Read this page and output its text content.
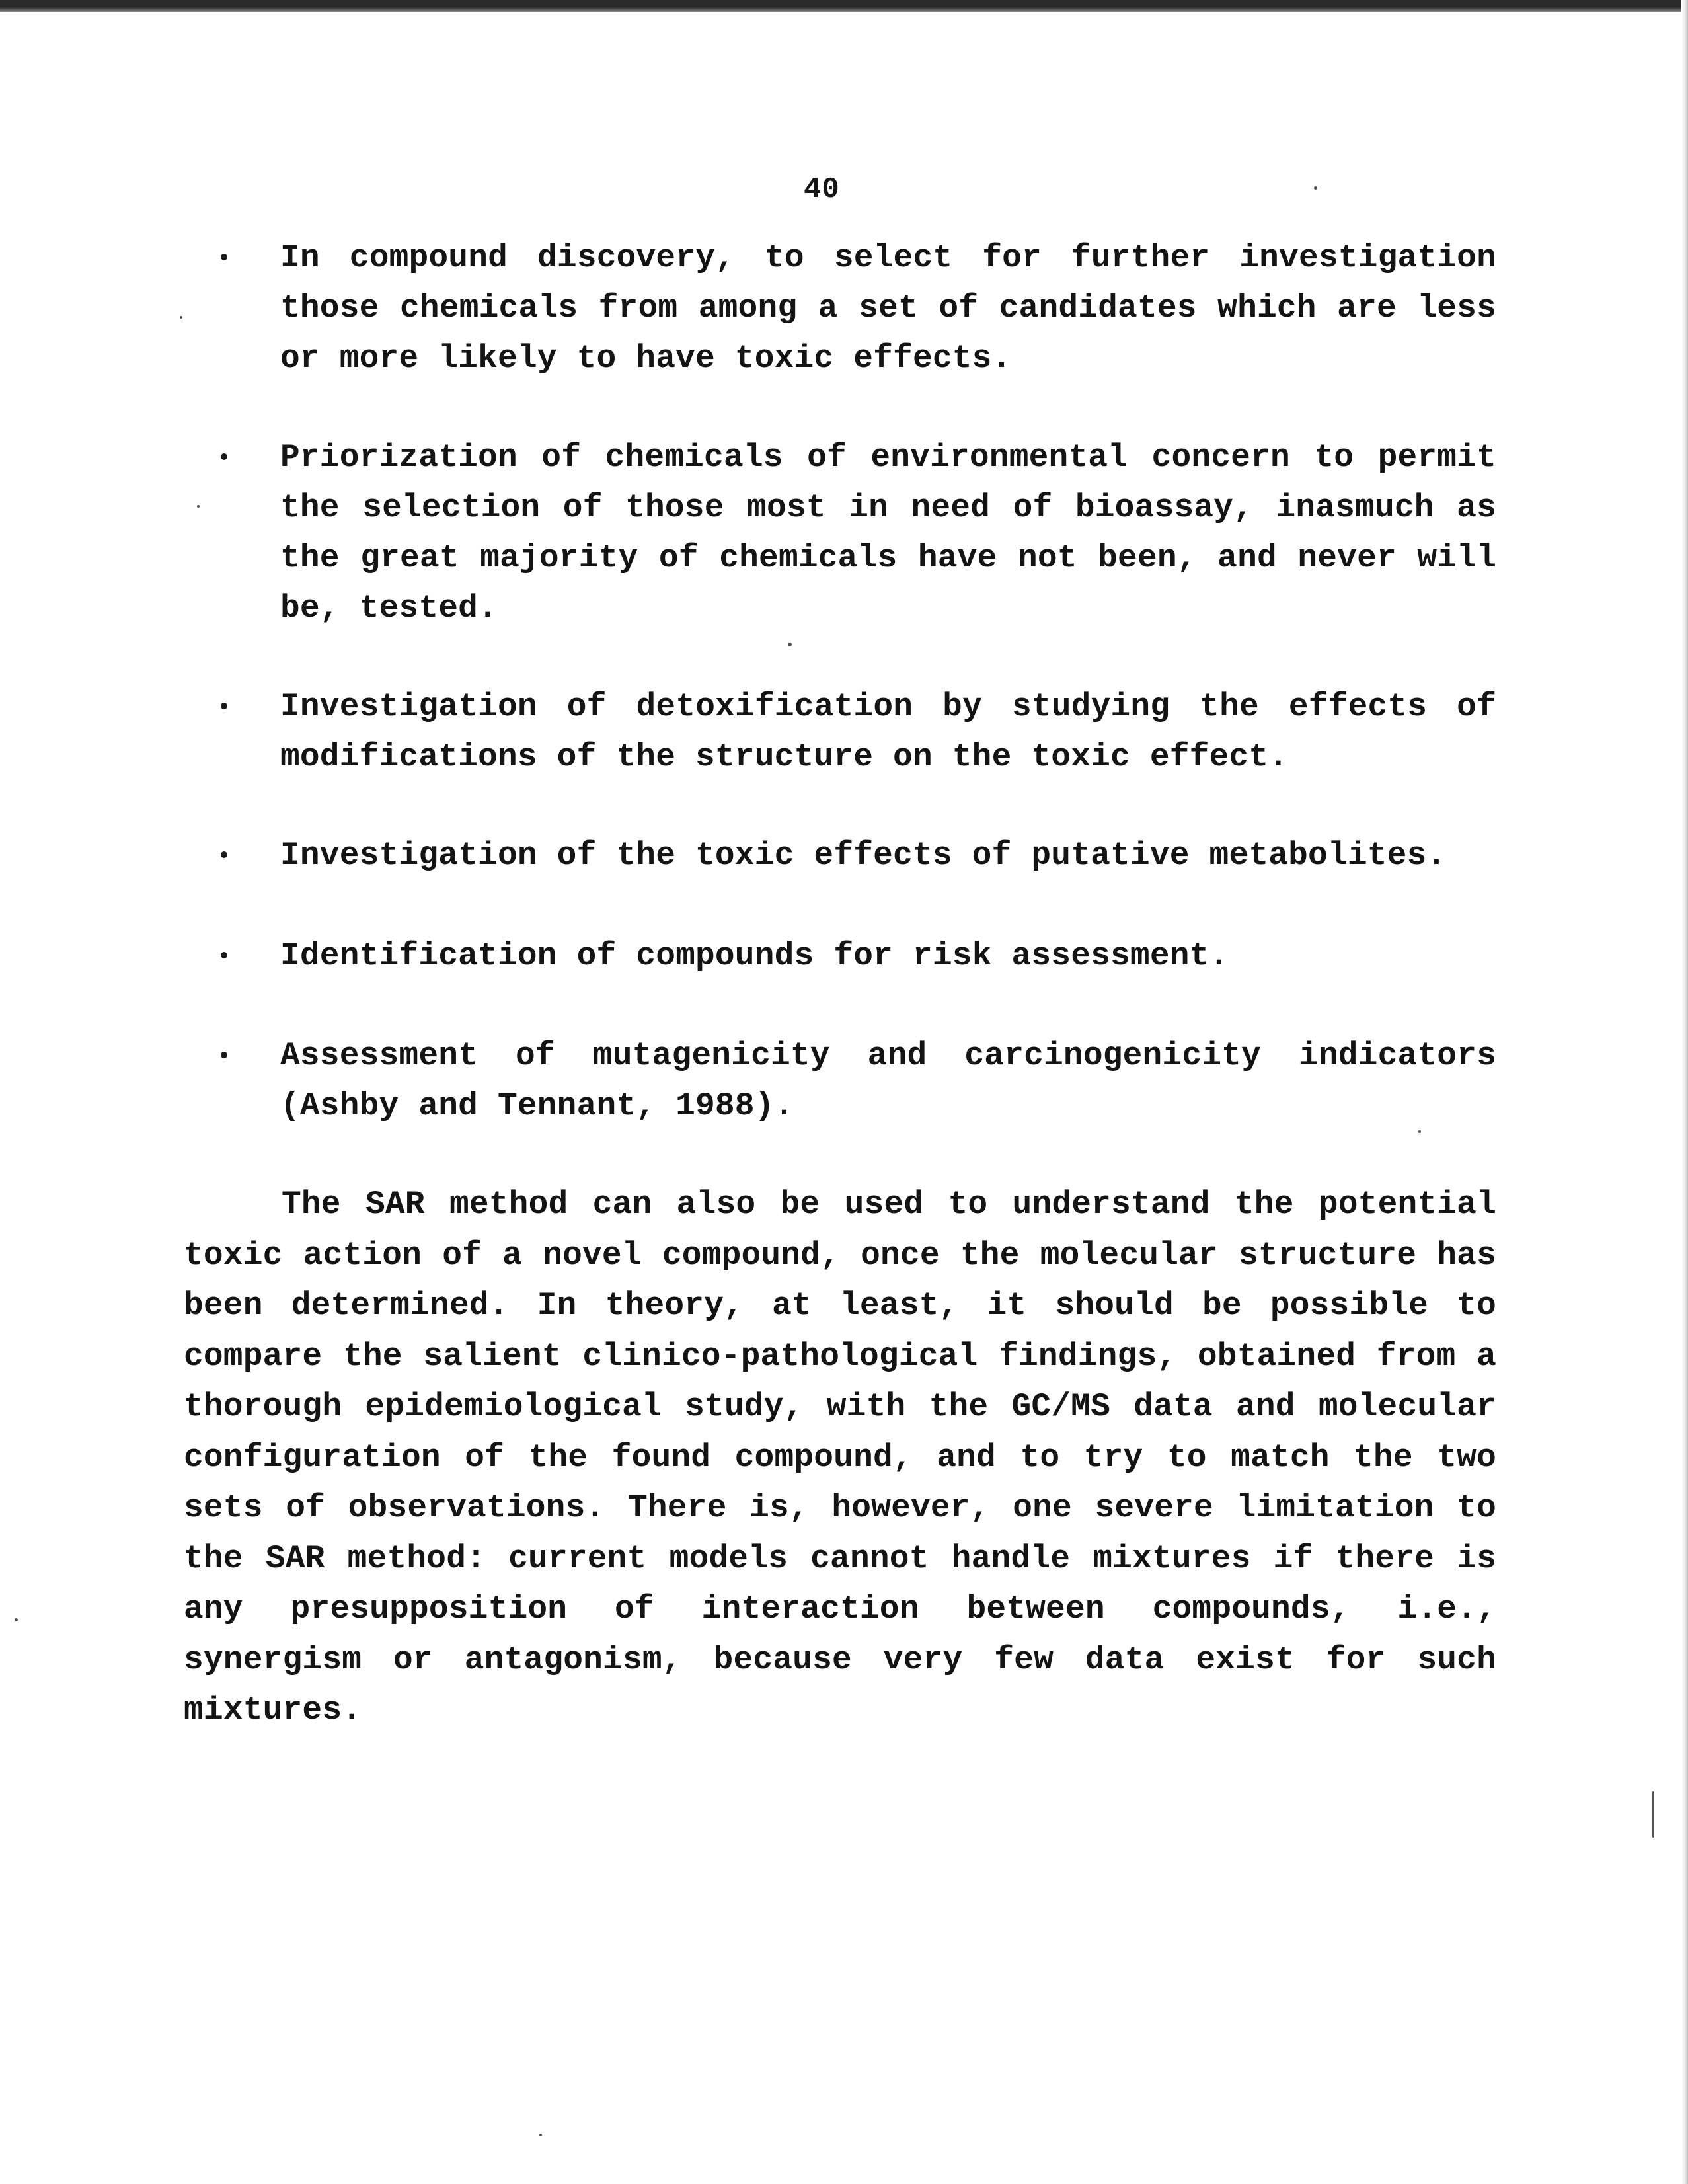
40
In compound discovery, to select for further investigation those chemicals from among a set of candidates which are less or more likely to have toxic effects.
Priorization of chemicals of environmental concern to permit the selection of those most in need of bioassay, inasmuch as the great majority of chemicals have not been, and never will be, tested.
Investigation of detoxification by studying the effects of modifications of the structure on the toxic effect.
Investigation of the toxic effects of putative metabolites.
Identification of compounds for risk assessment.
Assessment of mutagenicity and carcinogenicity indicators (Ashby and Tennant, 1988).
The SAR method can also be used to understand the potential toxic action of a novel compound, once the molecular structure has been determined. In theory, at least, it should be possible to compare the salient clinico-pathological findings, obtained from a thorough epidemiological study, with the GC/MS data and molecular configuration of the found compound, and to try to match the two sets of observations. There is, however, one severe limitation to the SAR method: current models cannot handle mixtures if there is any presupposition of interaction between compounds, i.e., synergism or antagonism, because very few data exist for such mixtures.
